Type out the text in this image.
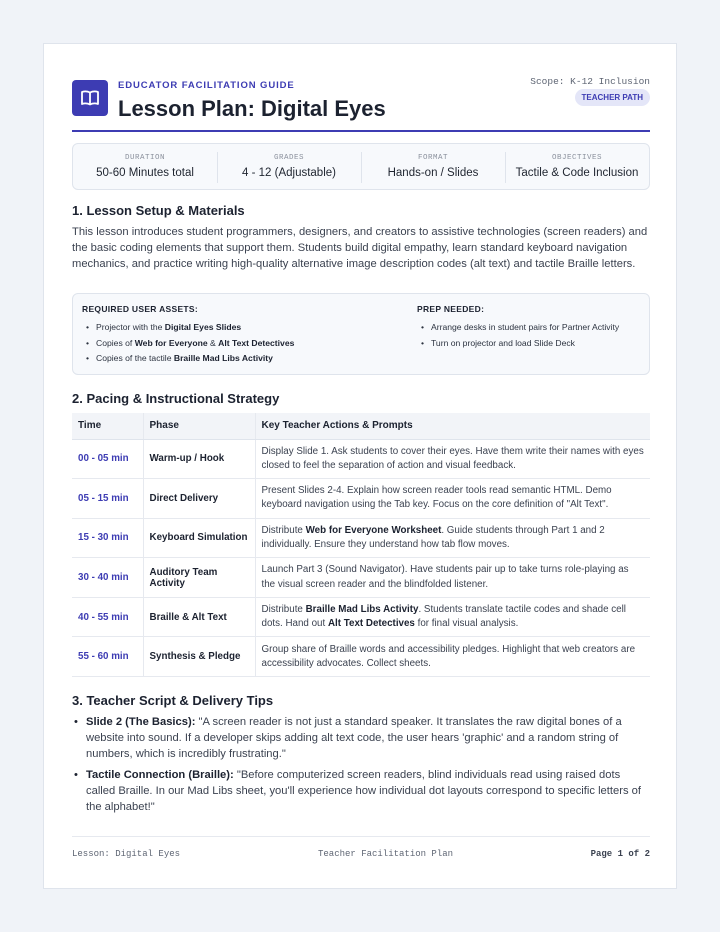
EDUCATOR FACILITATION GUIDE
Lesson Plan: Digital Eyes
Scope: K-12 Inclusion
TEACHER PATH
DURATION
50-60 Minutes total
GRADES
4 - 12 (Adjustable)
FORMAT
Hands-on / Slides
OBJECTIVES
Tactile & Code Inclusion
1. Lesson Setup & Materials

This lesson introduces student programmers, designers, and creators to assistive technologies (screen readers) and the basic coding elements that support them. Students build digital empathy, learn standard keyboard navigation mechanics, and practice writing high-quality alternative image description codes (alt text) and tactile Braille letters.

REQUIRED USER ASSETS:
• Projector with the Digital Eyes Slides
• Copies of Web for Everyone & Alt Text Detectives
• Copies of the tactile Braille Mad Libs Activity
PREP NEEDED:
• Arrange desks in student pairs for Partner Activity
• Turn on projector and load Slide Deck
2. Pacing & Instructional Strategy
Time	Phase	Key Teacher Actions & Prompts
00 - 05 min	Warm-up / Hook	Display Slide 1. Ask students to cover their eyes. Have them write their names with eyes closed to feel the separation of action and visual feedback.
05 - 15 min	Direct Delivery	Present Slides 2-4. Explain how screen reader tools read semantic HTML. Demo keyboard navigation using the Tab key. Focus on the core definition of "Alt Text".
15 - 30 min	Keyboard Simulation	Distribute Web for Everyone Worksheet. Guide students through Part 1 and 2 individually. Ensure they understand how tab flow moves.
30 - 40 min	Auditory Team Activity	Launch Part 3 (Sound Navigator). Have students pair up to take turns role-playing as the visual screen reader and the blindfolded listener.
40 - 55 min	Braille & Alt Text	Distribute Braille Mad Libs Activity. Students translate tactile codes and shade cell dots. Hand out Alt Text Detectives for final visual analysis.
55 - 60 min	Synthesis & Pledge	Group share of Braille words and accessibility pledges. Highlight that web creators are accessibility advocates. Collect sheets.
3. Teacher Script & Delivery Tips
• Slide 2 (The Basics): "A screen reader is not just a standard speaker. It translates the raw digital bones of a website into sound. If a developer skips adding alt text code, the user hears 'graphic' and a random string of numbers, which is incredibly frustrating."
• Tactile Connection (Braille): "Before computerized screen readers, blind individuals read using raised dots called Braille. In our Mad Libs sheet, you'll experience how individual dot layouts correspond to specific letters of the alphabet!"
Lesson: Digital Eyes	Teacher Facilitation Plan	Page 1 of 2
